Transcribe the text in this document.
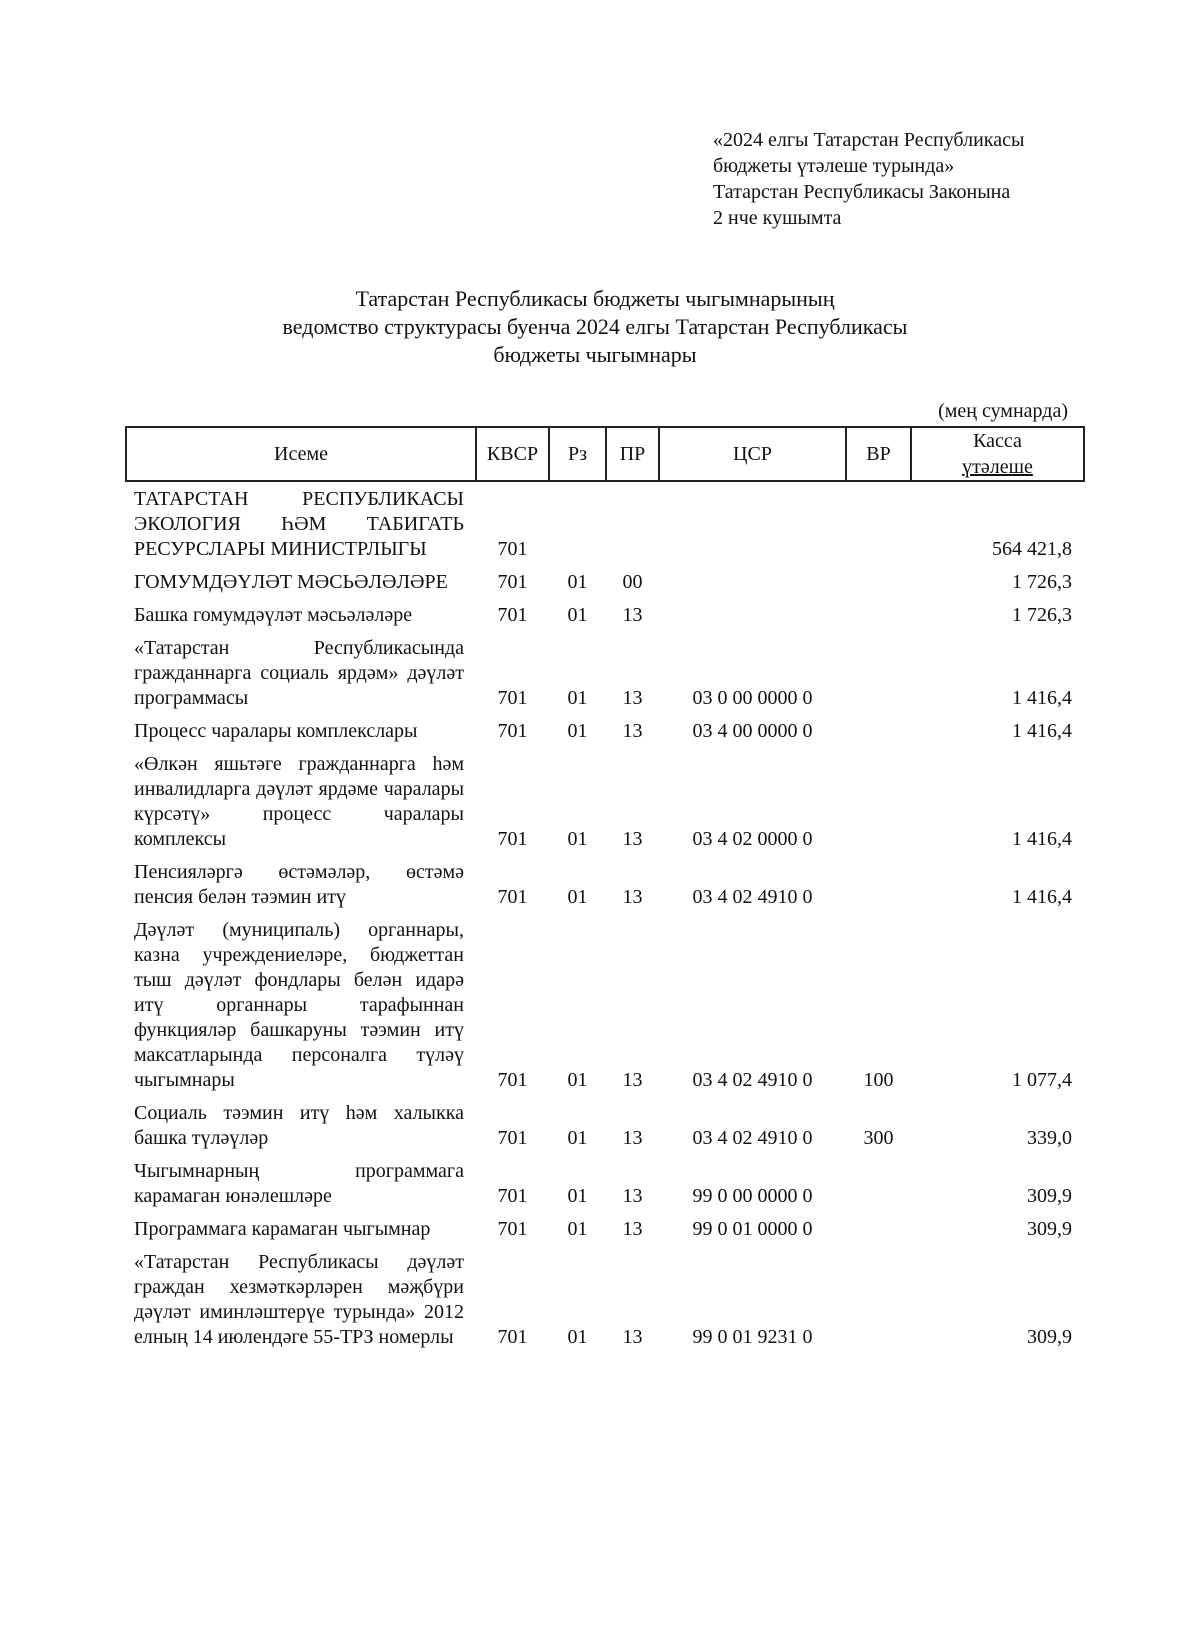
«2024 елгы Татарстан Республикасы
бюджеты үтәлеше турында»
Татарстан Республикасы Законына
2 нче кушымта
Татарстан Республикасы бюджеты чыгымнарының
ведомство структурасы буенча 2024 елгы Татарстан Республикасы
бюджеты чыгымнары
(мең сумнарда)
Исеме	КВСР	Рз	ПР	ЦСР	ВР	Касса
үтәлеше

ТАТАРСТАН РЕСПУБЛИКАСЫ ЭКОЛОГИЯ ҺӘМ ТАБИГАТЬ РЕСУРСЛАРЫ МИНИСТРЛЫГЫ	701					564 421,8
ГОМУМДӘҮЛӘТ МӘСЬӘЛӘЛӘРЕ	701	01	00			1 726,3
Башка гомумдәүләт мәсьәләләре	701	01	13			1 726,3
«Татарстан Республикасында гражданнарга социаль ярдәм» дәүләт программасы	701	01	13	03 0 00 0000 0		1 416,4
Процесс чаралары комплекслары	701	01	13	03 4 00 0000 0		1 416,4
«Өлкән яшьтәге гражданнарга һәм инвалидларга дәүләт ярдәме чаралары күрсәтү» процесс чаралары комплексы	701	01	13	03 4 02 0000 0		1 416,4
Пенсияләргә өстәмәләр, өстәмә пенсия белән тәэмин итү	701	01	13	03 4 02 4910 0		1 416,4
Дәүләт (муниципаль) органнары, казна учреждениеләре, бюджеттан тыш дәүләт фондлары белән идарә итү органнары тарафыннан функцияләр башкаруны тәэмин итү максатларында персоналга түләү чыгымнары	701	01	13	03 4 02 4910 0	100	1 077,4
Социаль тәэмин итү һәм халыкка башка түләүләр	701	01	13	03 4 02 4910 0	300	339,0
Чыгымнарның программага карамаган юнәлешләре	701	01	13	99 0 00 0000 0		309,9
Программага карамаган чыгымнар	701	01	13	99 0 01 0000 0		309,9
«Татарстан Республикасы дәүләт граждан хезмәткәрләрен мәҗбүри дәүләт иминләштерүе турында» 2012 елның 14 июлендәге 55-ТРЗ номерлы	701	01	13	99 0 01 9231 0		309,9
